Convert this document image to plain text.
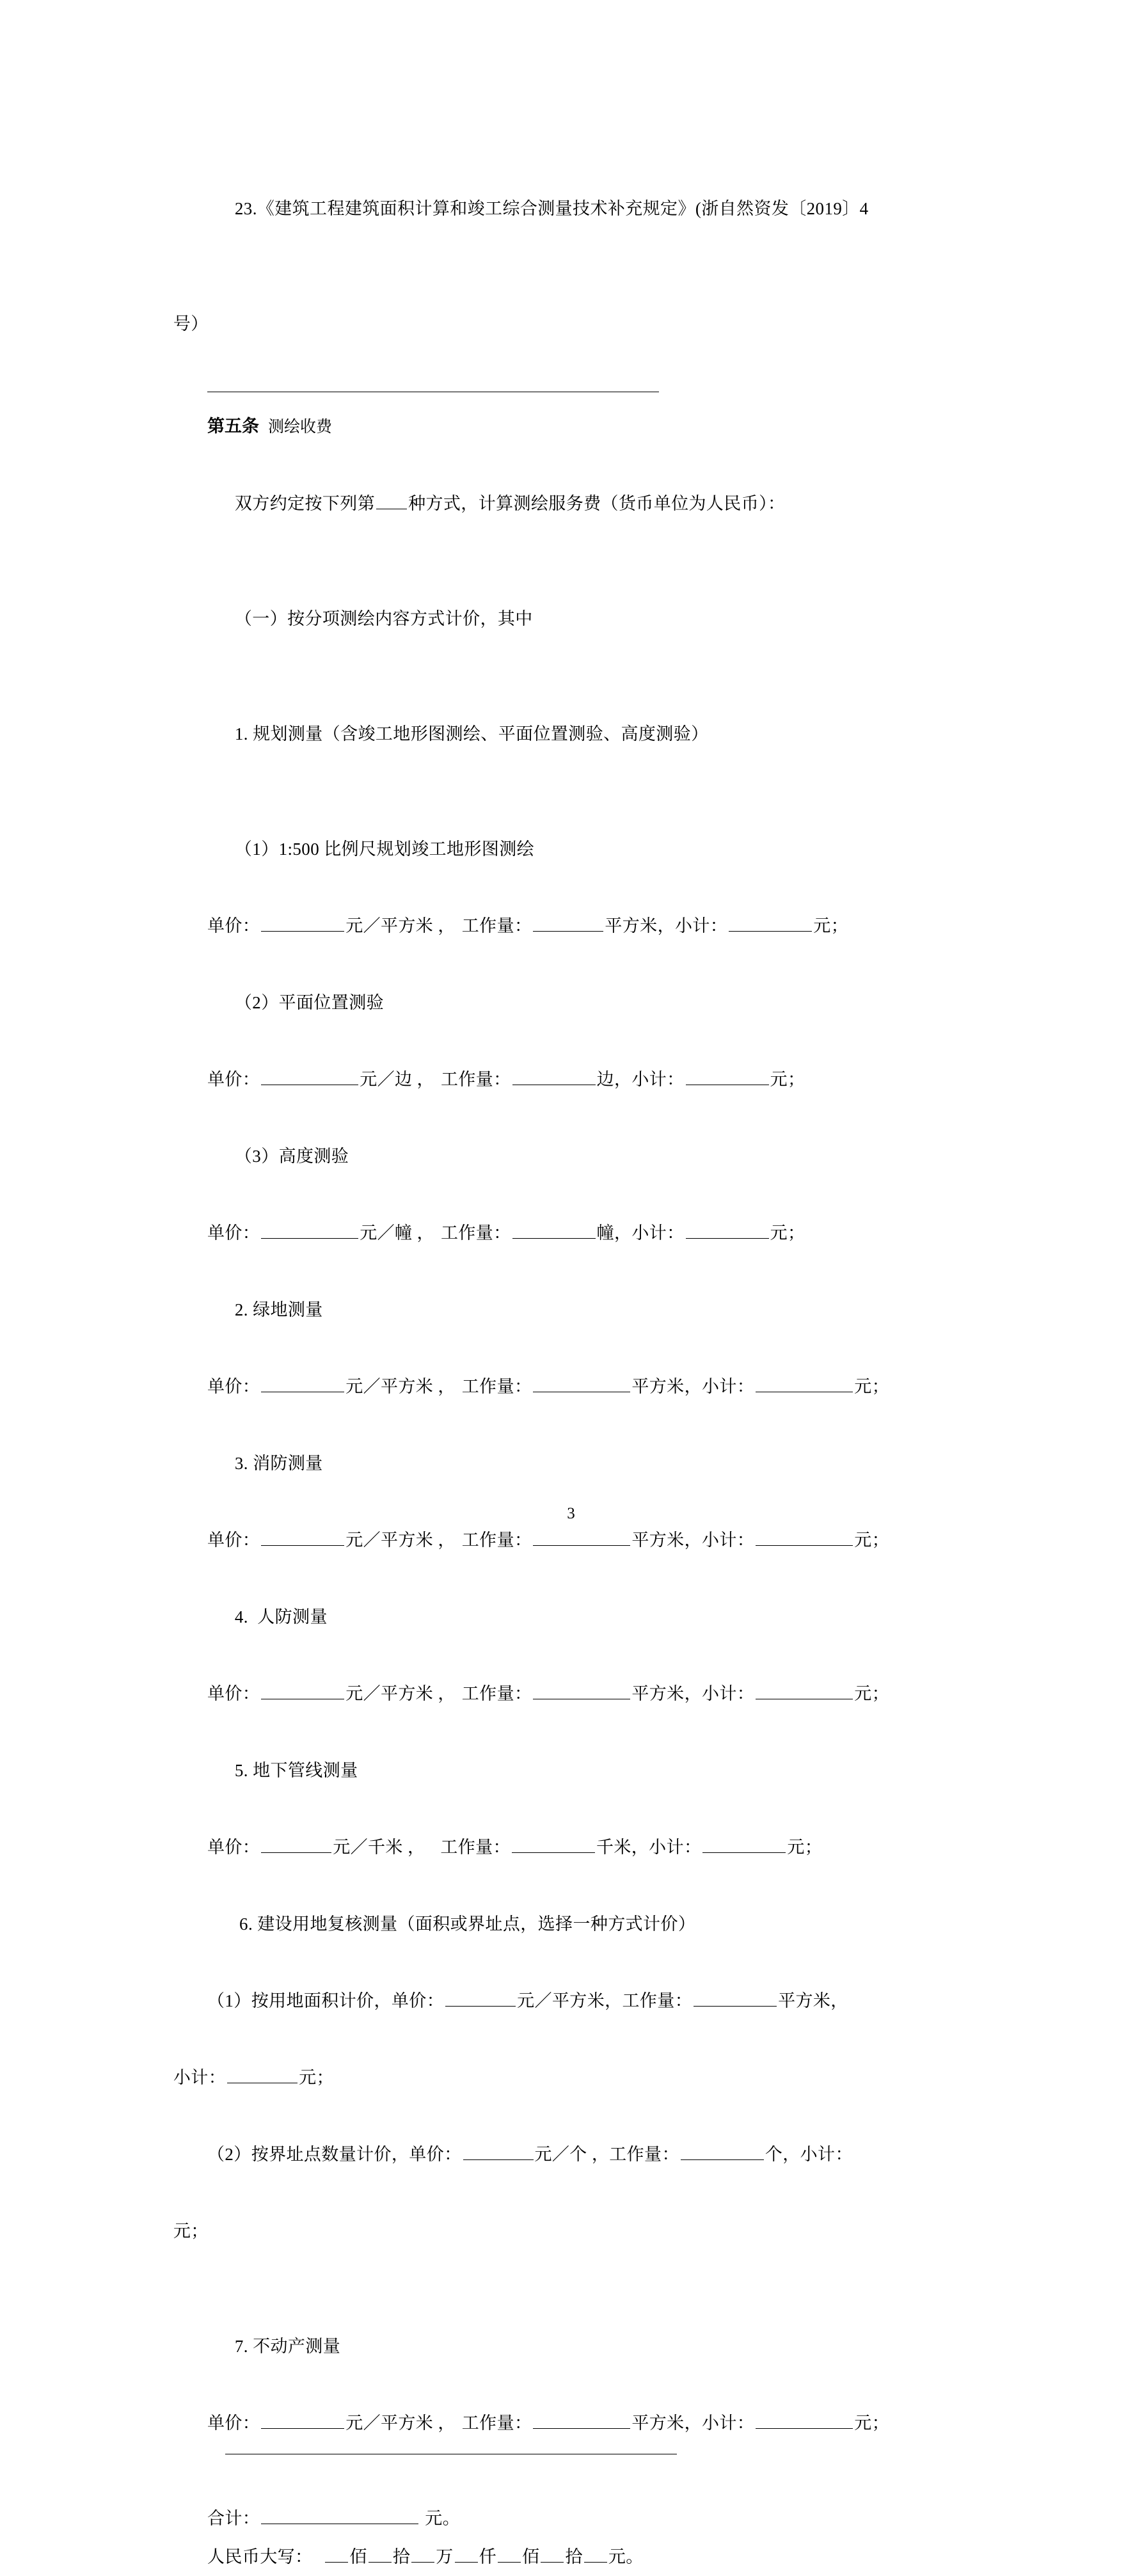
23.《建筑工程建筑面积计算和竣工综合测量技术补充规定》(浙自然资发〔2019〕4

号）

第五条 测绘收费

双方约定按下列第 种方式，计算测绘服务费（货币单位为人民币）：

（一）按分项测绘内容方式计价，其中

1. 规划测量（含竣工地形图测绘、平面位置测验、高度测验）

（1）1:500 比例尺规划竣工地形图测绘

单价：	元／平方米 ， 工作量：	平方米，小计：	元；

（2）平面位置测验

单价：	元／边 ， 工作量：	边，小计：	元；

（3）高度测验

单价：	元／幢 ， 工作量：	幢，小计：	元；

2. 绿地测量

单价：	元／平方米 ， 工作量：	平方米，小计：	元；

3. 消防测量

单价：	元／平方米 ， 工作量：	平方米，小计：	元；

4.  人防测量

单价：	元／平方米 ， 工作量：	平方米，小计：	元；

5. 地下管线测量

单价：	元／千米 ， 工作量：	千米，小计：	元；

6. 建设用地复核测量（面积或界址点，选择一种方式计价）

（1）按用地面积计价，单价：	元／平方米，工作量：	平方米，

小计：	元；

（2）按界址点数量计价，单价：	元／个 ，工作量：	个，小计：

元；

7. 不动产测量

单价：	元／平方米 ， 工作量：	平方米，小计：	元；
合计：	元。
人民币大写： 佰 拾 万 仟 佰 拾 元。
3
